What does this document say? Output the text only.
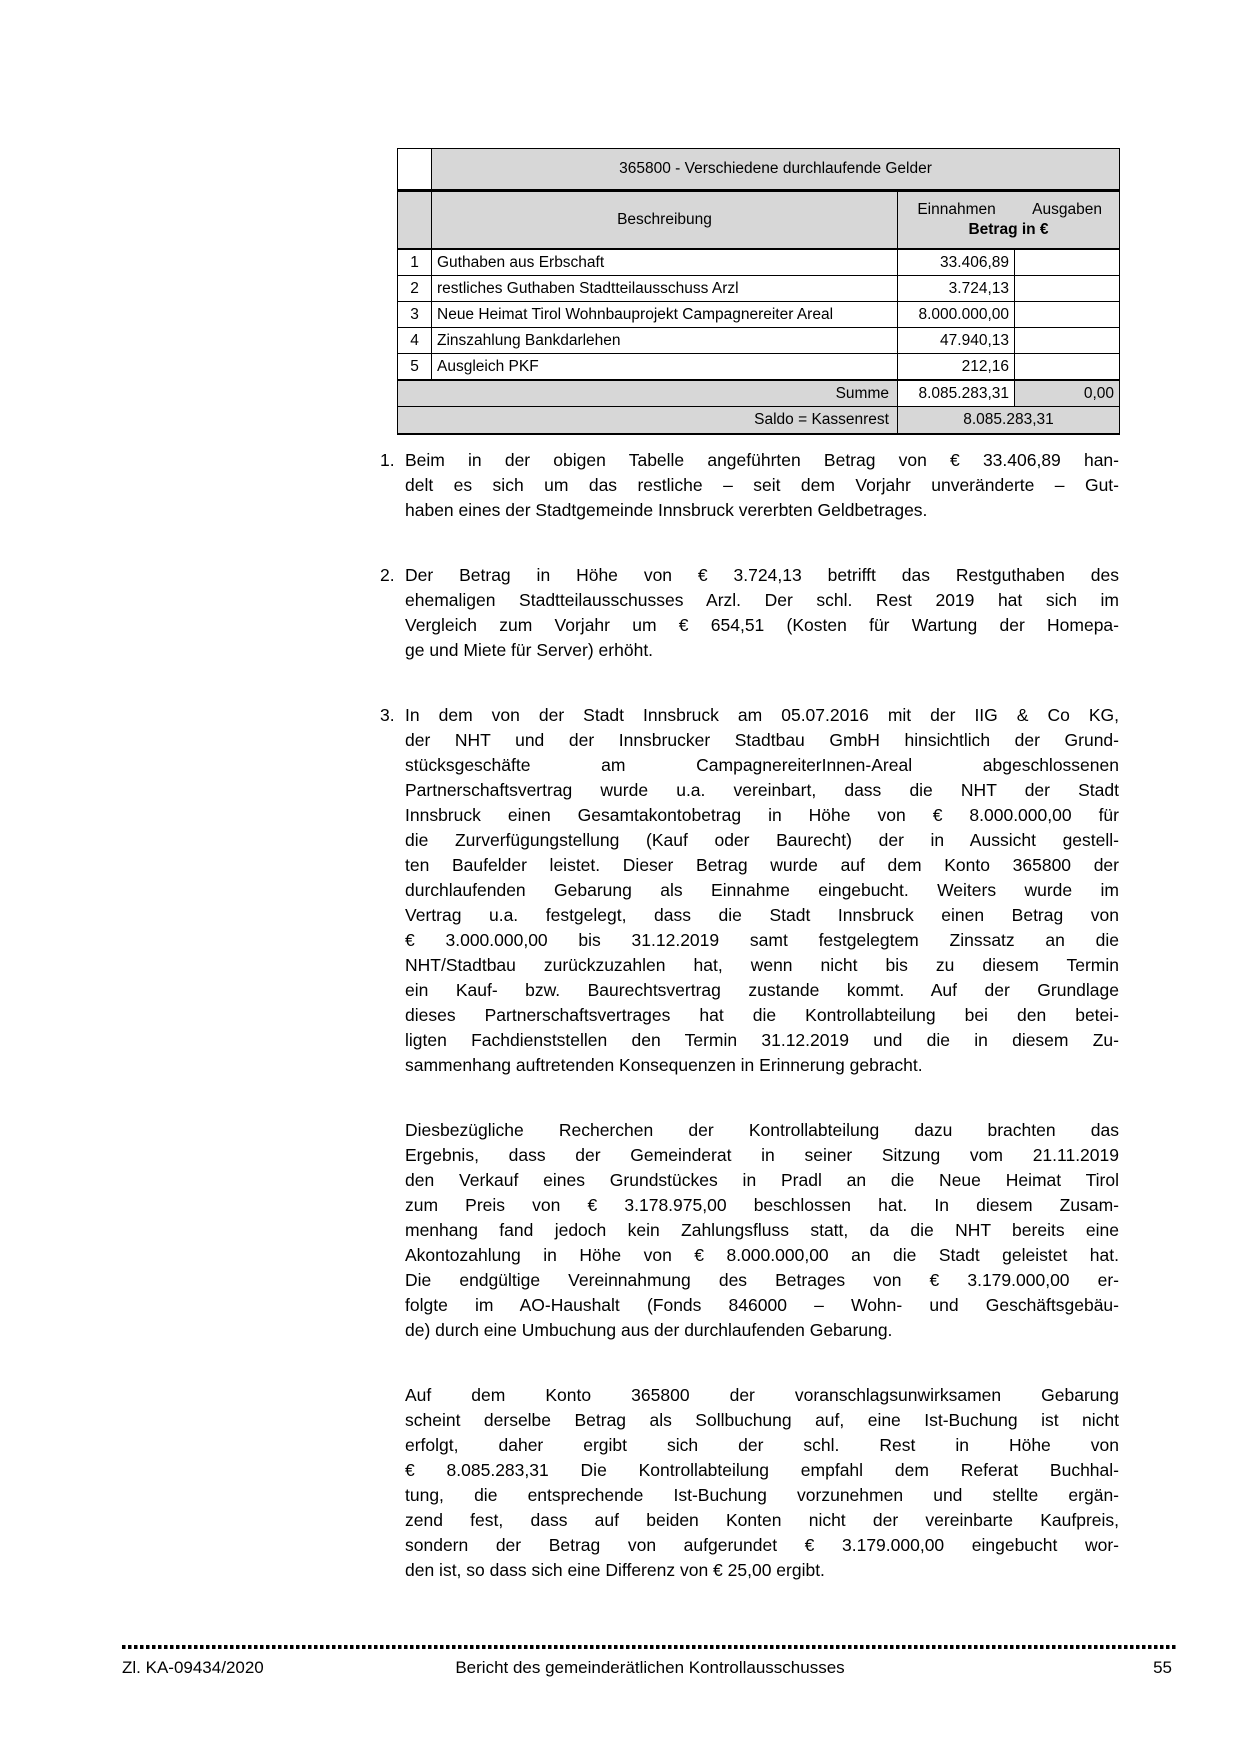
	365800 - Verschiedene durchlaufende Gelder		
	Beschreibung	Einnahmen Ausgaben
Betrag in €	

1	Guthaben aus Erbschaft	33.406,89	
2	restliches Guthaben Stadtteilausschuss Arzl	3.724,13	
3	Neue Heimat Tirol Wohnbauprojekt Campagnereiter Areal	8.000.000,00	
4	Zinszahlung Bankdarlehen	47.940,13	
5	Ausgleich PKF	212,16	
Summe		8.085.283,31	0,00
Saldo = Kassenrest		8.085.283,31	
1. Beim in der obigen Tabelle angeführten Betrag von € 33.406,89 han-
delt es sich um das restliche – seit dem Vorjahr unveränderte – Gut-
haben eines der Stadtgemeinde Innsbruck vererbten Geldbetrages.
2. Der Betrag in Höhe von € 3.724,13 betrifft das Restguthaben des
ehemaligen Stadtteilausschusses Arzl. Der schl. Rest 2019 hat sich im
Vergleich zum Vorjahr um € 654,51 (Kosten für Wartung der Homepa-
ge und Miete für Server) erhöht.
3. In dem von der Stadt Innsbruck am 05.07.2016 mit der IIG & Co KG,
der NHT und der Innsbrucker Stadtbau GmbH hinsichtlich der Grund-
stücksgeschäfte am CampagnereiterInnen-Areal abgeschlossenen
Partnerschaftsvertrag wurde u.a. vereinbart, dass die NHT der Stadt
Innsbruck einen Gesamtakontobetrag in Höhe von € 8.000.000,00 für
die Zurverfügungstellung (Kauf oder Baurecht) der in Aussicht gestell-
ten Baufelder leistet. Dieser Betrag wurde auf dem Konto 365800 der
durchlaufenden Gebarung als Einnahme eingebucht. Weiters wurde im
Vertrag u.a. festgelegt, dass die Stadt Innsbruck einen Betrag von
€ 3.000.000,00 bis 31.12.2019 samt festgelegtem Zinssatz an die
NHT/Stadtbau zurückzuzahlen hat, wenn nicht bis zu diesem Termin
ein Kauf- bzw. Baurechtsvertrag zustande kommt. Auf der Grundlage
dieses Partnerschaftsvertrages hat die Kontrollabteilung bei den betei-
ligten Fachdienststellen den Termin 31.12.2019 und die in diesem Zu-
sammenhang auftretenden Konsequenzen in Erinnerung gebracht.
Diesbezügliche Recherchen der Kontrollabteilung dazu brachten das
Ergebnis, dass der Gemeinderat in seiner Sitzung vom 21.11.2019
den Verkauf eines Grundstückes in Pradl an die Neue Heimat Tirol
zum Preis von € 3.178.975,00 beschlossen hat. In diesem Zusam-
menhang fand jedoch kein Zahlungsfluss statt, da die NHT bereits eine
Akontozahlung in Höhe von € 8.000.000,00 an die Stadt geleistet hat.
Die endgültige Vereinnahmung des Betrages von € 3.179.000,00 er-
folgte im AO-Haushalt (Fonds 846000 – Wohn- und Geschäftsgebäu-
de) durch eine Umbuchung aus der durchlaufenden Gebarung.
Auf dem Konto 365800 der voranschlagsunwirksamen Gebarung
scheint derselbe Betrag als Sollbuchung auf, eine Ist-Buchung ist nicht
erfolgt, daher ergibt sich der schl. Rest in Höhe von
€ 8.085.283,31 Die Kontrollabteilung empfahl dem Referat Buchhal-
tung, die entsprechende Ist-Buchung vorzunehmen und stellte ergän-
zend fest, dass auf beiden Konten nicht der vereinbarte Kaufpreis,
sondern der Betrag von aufgerundet € 3.179.000,00 eingebucht wor-
den ist, so dass sich eine Differenz von € 25,00 ergibt.
Zl. KA-09434/2020	Bericht des gemeinderätlichen Kontrollausschusses	55
